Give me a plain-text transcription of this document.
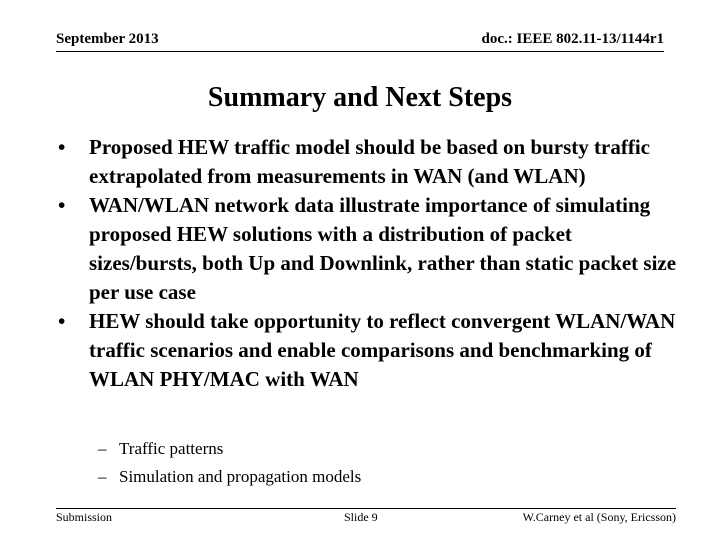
September 2013	doc.: IEEE 802.11-13/1144r1
Summary and Next Steps
•	Proposed HEW traffic model should be based on bursty traffic extrapolated from measurements in WAN (and WLAN)
•	WAN/WLAN network data illustrate importance of simulating proposed HEW solutions with a distribution of packet sizes/bursts, both Up and Downlink, rather than static packet size per use case
•	HEW should take opportunity to reflect convergent WLAN/WAN traffic scenarios and enable comparisons and benchmarking of WLAN PHY/MAC with WAN
– Traffic patterns
– Simulation and propagation models
Submission	Slide 9	W.Carney et al (Sony, Ericsson)
